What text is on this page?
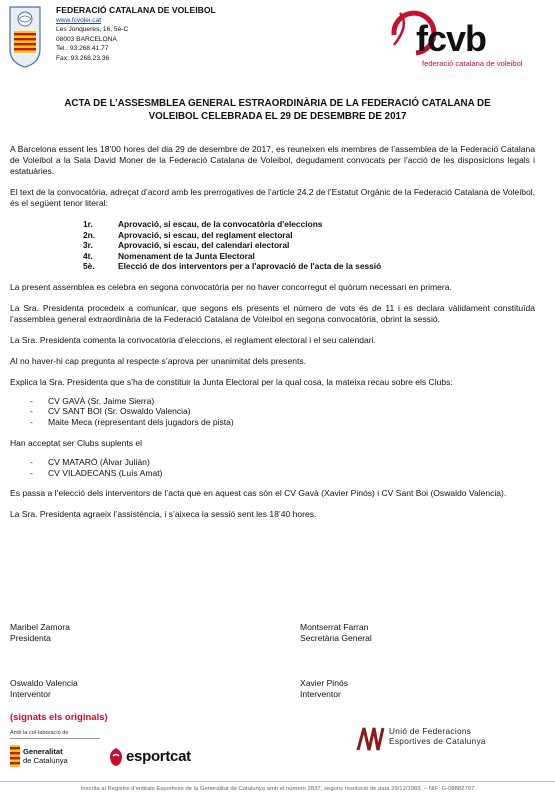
FEDERACIÓ CATALANA DE VOLEIBOL
www.fcvolei.cat
Les Jonqueres, 16, 5è-C
08003 BARCELONA
Tel.: 93.268.41.77
Fax: 93.268.23.36	fcvb
federació catalana de voleibol
ACTA DE L’ASSESMBLEA GENERAL ESTRAORDINÀRIA DE LA FEDERACIÓ CATALANA DE
VOLEIBOL CELEBRADA EL 29 DE DESEMBRE DE 2017

A Barcelona essent les 18’00 hores del dia 29 de desembre de 2017, es reuneixen els membres de l’assemblea de la Federació Catalana de Voleibol a la Sala David Moner de la Federació Catalana de Voleibol, degudament convocats per l’acció de les disposicions legals i estatuàries.

El text de la convocatòria, adreçat d’acord amb les prerrogatives de l’article 24.2 de l’Estatut Orgànic de la Federació Catalana de Voleibol, és el següent tenor literal:

1r.	Aprovació, si escau, de la convocatòria d'eleccions
2n.	Aprovació, si escau, del reglament electoral
3r.	Aprovació, si escau, del calendari electoral
4t.	Nomenament de la Junta Electoral
5è.	Elecció de dos interventors per a l'aprovació de l'acta de la sessió

La present assemblea es celebra en segona convocatòria per no haver concorregut el quòrum necessari en primera.

La Sra. Presidenta procedeix a comunicar, que segons els presents el número de vots és de 11 i es declara vàlidament constituïda l’assemblea general extraordinària de la Federació Catalana de Voleibol en segona convocatòria, obrint la sessió.

La Sra. Presidenta comenta la convocatòria d’eleccions, el reglament electoral i el seu calendari.

Al no haver-hi cap pregunta al respecte s’aprova per unanimitat dels presents.

Explica la Sra. Presidenta que s’ha de constituir la Junta Electoral per la qual cosa, la mateixa recau sobre els Clubs:

-	CV GAVÀ (Sr. Jaime Sierra)
-	CV SANT BOI (Sr. Oswaldo Valencia)
-	Maite Meca (representant dels jugadors de pista)

Han acceptat ser Clubs suplents el

-	CV MATARÓ (Àlvar Julián)
-	CV VILADECANS (Luís Amat)

Es passa a l’elecció dels interventors de l’acta que en aquest cas són el CV Gavà (Xavier Pinós) i CV Sant Boi (Oswaldo Valencia).

La Sra. Presidenta agraeix l’assistència, i s’aixeca la sessió sent les 18’40 hores.

Maribel Zamora
Presidenta
Montserrat Farran
Secretària General
Oswaldo Valencia
Interventor
Xavier Pinós
Interventor
(signats els originals)
Amb la col·laboració de
Generalitat
de Catalunya	esportcat
Unió de Federacions
Esportives de Catalunya
Inscrita al Registre d’entitats Esportives de la Generalitat de Catalunya amb el número 2837, segons resolució de data 29/12/1983. – NIF: G-08882797
